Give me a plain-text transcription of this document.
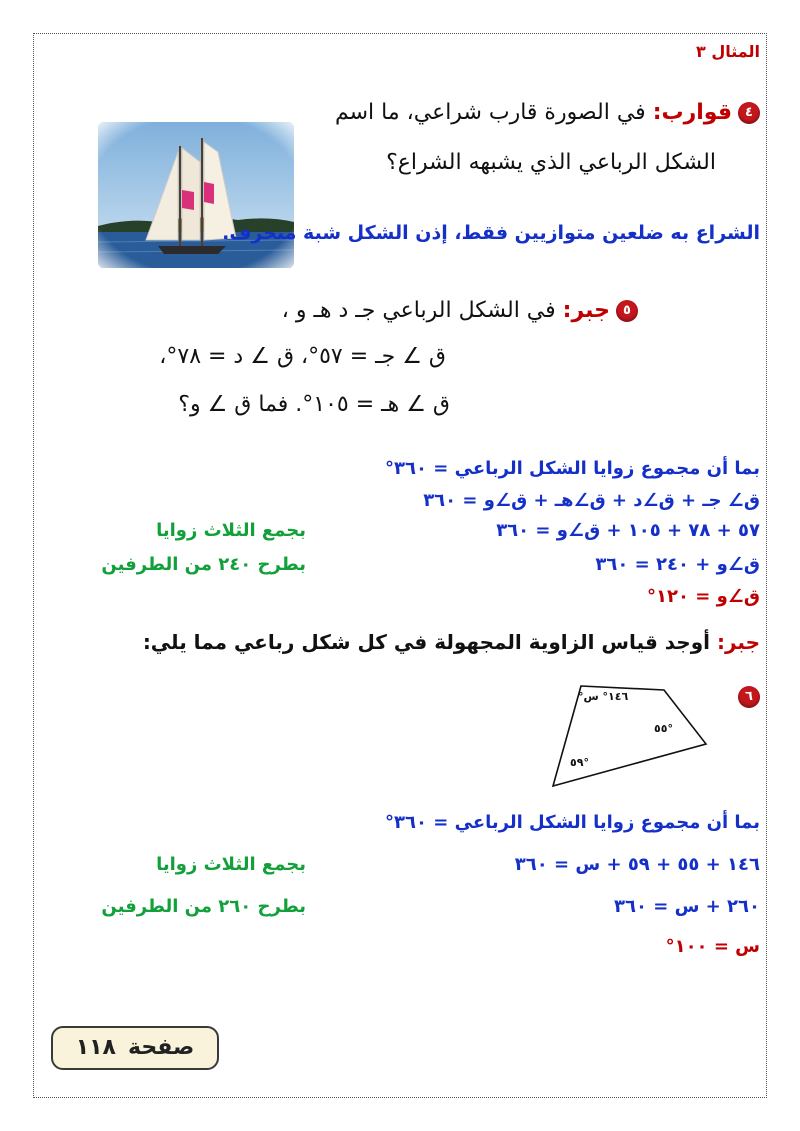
المثال ٣
٤قوارب: في الصورة قارب شراعي، ما اسم
الشكل الرباعي الذي يشبهه الشراع؟
الشراع به ضلعين متوازيين فقط، إذن الشكل شبة منحرف.
٥جبر: في الشكل الرباعي جـ د هـ و ،
ق ∠ جـ = ٥٧°، ق ∠ د = ٧٨°،
ق ∠ هـ = ١٠٥°. فما ق ∠ و؟
بما أن مجموع زوايا الشكل الرباعي = ٣٦٠°
ق∠ جـ + ق∠د + ق∠هـ + ق∠و = ٣٦٠
٥٧ + ٧٨ + ١٠٥ + ق∠و = ٣٦٠
بجمع الثلاث زوايا
ق∠و + ٢٤٠ = ٣٦٠
بطرح ٢٤٠ من الطرفين
ق∠و = ١٢٠°
جبر: أوجد قياس الزاوية المجهولة في كل شكل رباعي مما يلي:
٦
١٤٦° س°
٥٥°
٥٩°
بما أن مجموع زوايا الشكل الرباعي = ٣٦٠°
١٤٦ + ٥٥ + ٥٩ + س = ٣٦٠
بجمع الثلاث زوايا
٢٦٠ + س = ٣٦٠
بطرح ٢٦٠ من الطرفين
س = ١٠٠°
صفحة١١٨
